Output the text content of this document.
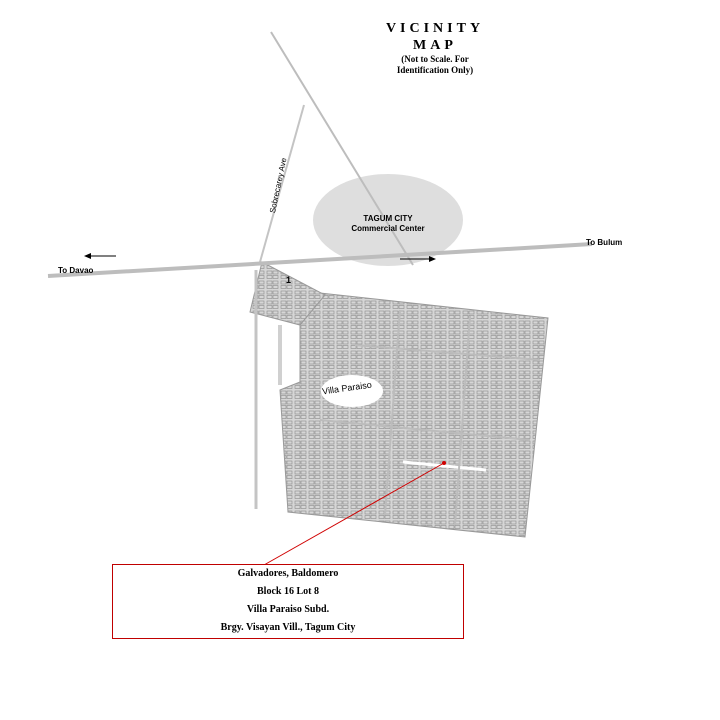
VICINITY
MAP
(Not to Scale. For
Identification Only)
TAGUM CITY
Commercial Center
Sobrecarey Ave
To Bulum
To Davao
1
Villa Paraiso
Galvadores, Baldomero
Block 16 Lot 8
Villa Paraiso Subd.
Brgy. Visayan Vill., Tagum City
